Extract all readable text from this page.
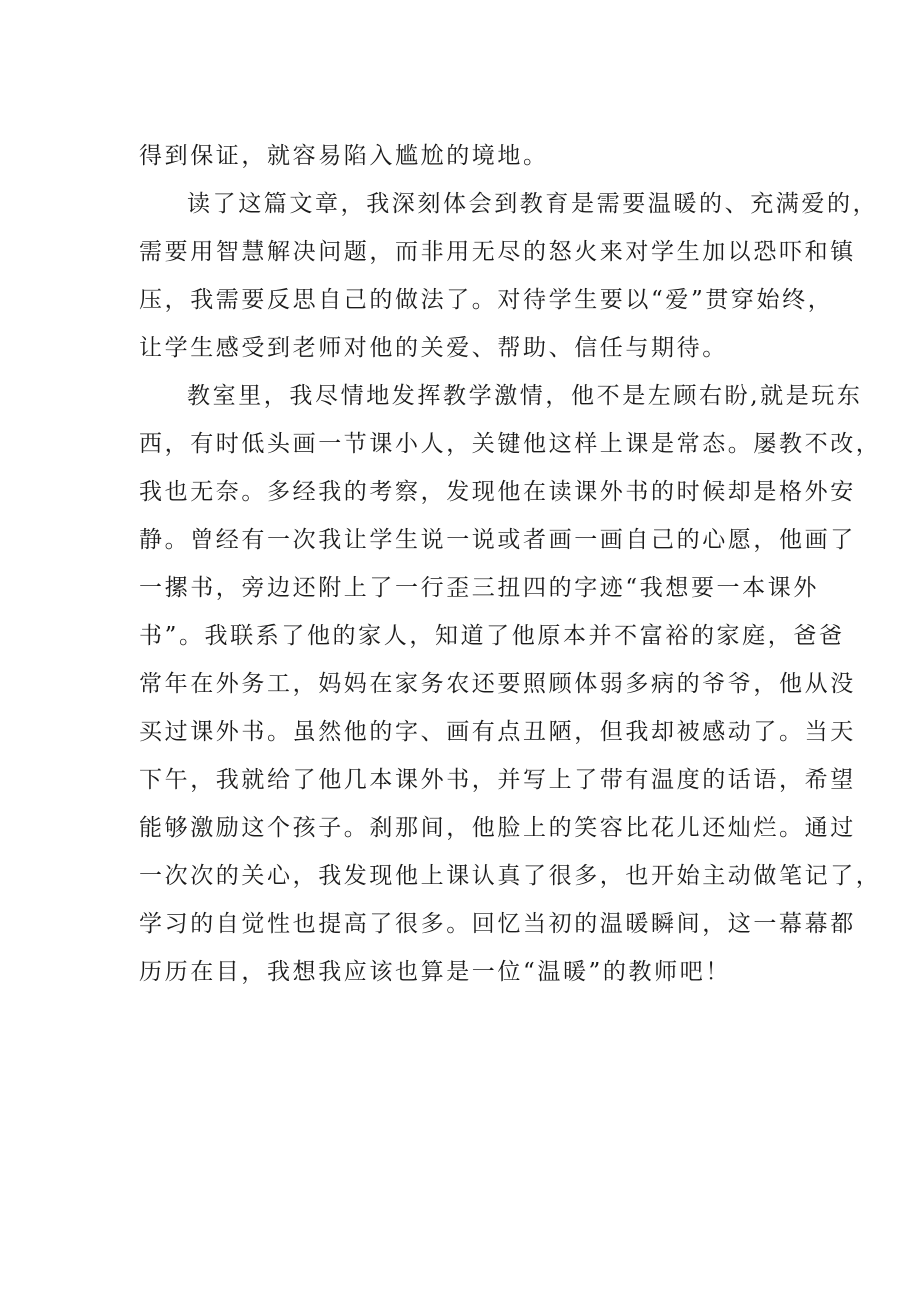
得到保证，就容易陷入尴尬的境地。
读了这篇文章，我深刻体会到教育是需要温暖的、充满爱的，
需要用智慧解决问题，而非用无尽的怒火来对学生加以恐吓和镇
压，我需要反思自己的做法了。对待学生要以“爱”贯穿始终，
让学生感受到老师对他的关爱、帮助、信任与期待。
教室里，我尽情地发挥教学激情，他不是左顾右盼,就是玩东
西，有时低头画一节课小人，关键他这样上课是常态。屡教不改，
我也无奈。多经我的考察，发现他在读课外书的时候却是格外安
静。曾经有一次我让学生说一说或者画一画自己的心愿，他画了
一摞书，旁边还附上了一行歪三扭四的字迹“我想要一本课外
书”。我联系了他的家人，知道了他原本并不富裕的家庭，爸爸
常年在外务工，妈妈在家务农还要照顾体弱多病的爷爷，他从没
买过课外书。虽然他的字、画有点丑陋，但我却被感动了。当天
下午，我就给了他几本课外书，并写上了带有温度的话语，希望
能够激励这个孩子。刹那间，他脸上的笑容比花儿还灿烂。通过
一次次的关心，我发现他上课认真了很多，也开始主动做笔记了，
学习的自觉性也提高了很多。回忆当初的温暖瞬间，这一幕幕都
历历在目，我想我应该也算是一位“温暖”的教师吧！
